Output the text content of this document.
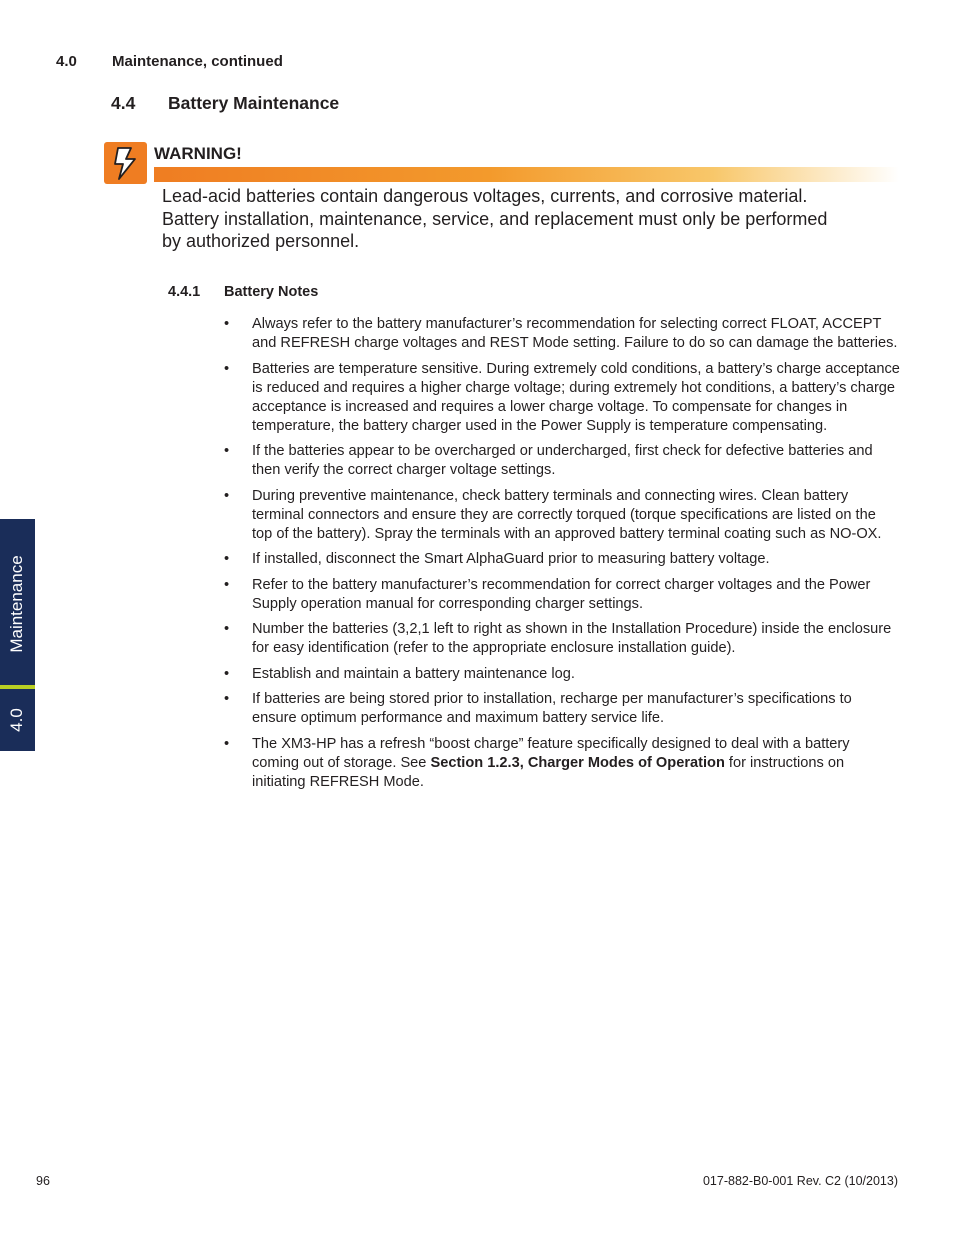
4.0 Maintenance, continued
4.4 Battery Maintenance
WARNING!

Lead-acid batteries contain dangerous voltages, currents, and corrosive material.

Battery installation, maintenance, service, and replacement must only be performed

by authorized personnel.

4.4.1 Battery Notes
• Always refer to the battery manufacturer’s recommendation for selecting correct FLOAT, ACCEPT and REFRESH charge voltages and REST Mode setting. Failure to do so can damage the batteries.
• Batteries are temperature sensitive. During extremely cold conditions, a battery’s charge acceptance is reduced and requires a higher charge voltage; during extremely hot conditions, a battery’s charge acceptance is increased and requires a lower charge voltage. To compensate for changes in temperature, the battery charger used in the Power Supply is temperature compensating.
• If the batteries appear to be overcharged or undercharged, first check for defective batteries and then verify the correct charger voltage settings.
• During preventive maintenance, check battery terminals and connecting wires. Clean battery terminal connectors and ensure they are correctly torqued (torque specifications are listed on the top of the battery). Spray the terminals with an approved battery terminal coating such as NO-OX.
• If installed, disconnect the Smart AlphaGuard prior to measuring battery voltage.
• Refer to the battery manufacturer’s recommendation for correct charger voltages and the Power Supply operation manual for corresponding charger settings.
• Number the batteries (3,2,1 left to right as shown in the Installation Procedure) inside the enclosure for easy identification (refer to the appropriate enclosure installation guide).
• Establish and maintain a battery maintenance log.
• If batteries are being stored prior to installation, recharge per manufacturer’s specifications to ensure optimum performance and maximum battery service life.
• The XM3-HP has a refresh “boost charge” feature specifically designed to deal with a battery coming out of storage. See Section 1.2.3, Charger Modes of Operation for instructions on initiating REFRESH Mode.
Maintenance
4.0
96	017-882-B0-001 Rev. C2 (10/2013)
